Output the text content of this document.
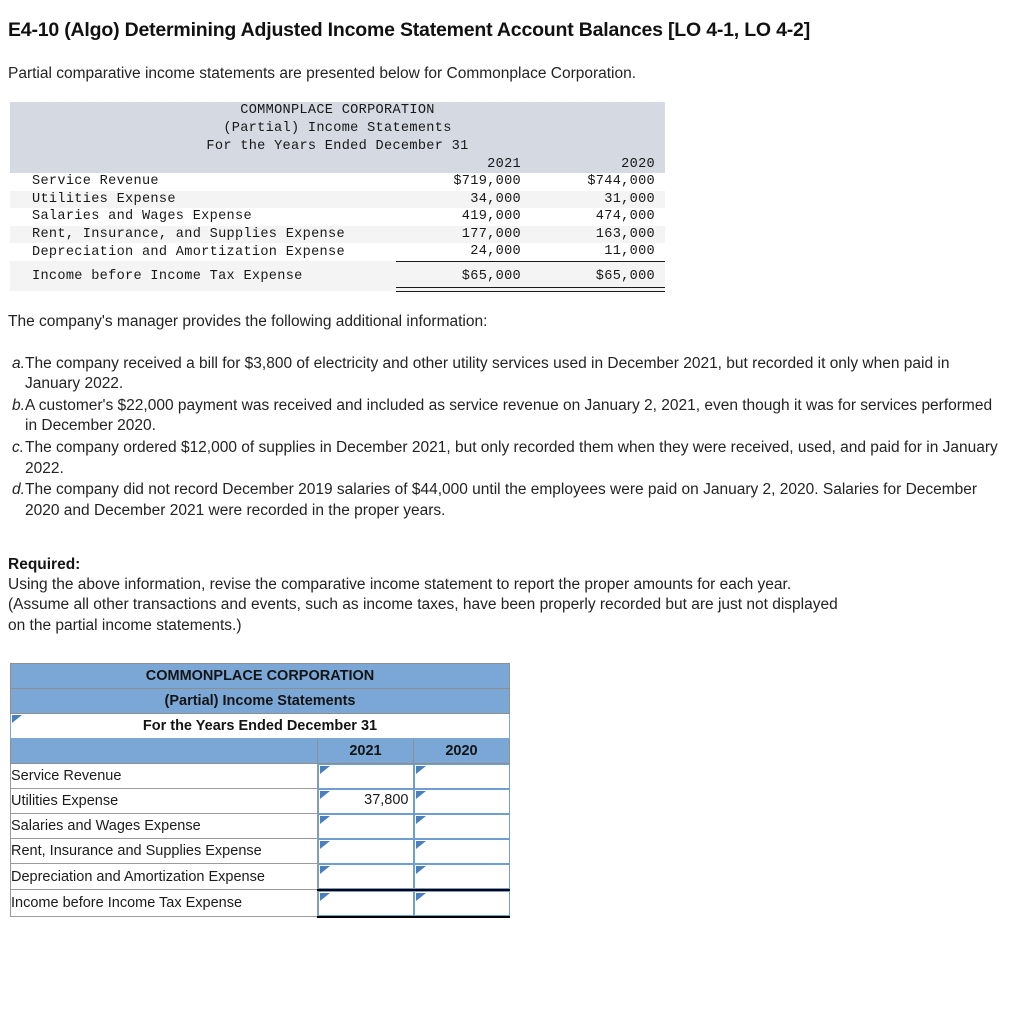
E4-10 (Algo) Determining Adjusted Income Statement Account Balances [LO 4-1, LO 4-2]

Partial comparative income statements are presented below for Commonplace Corporation.

COMMONPLACE CORPORATION		
(Partial) Income Statements		
For the Years Ended December 31		
	2021	2020
Service Revenue	$719,000	$744,000
Utilities Expense	34,000	31,000
Salaries and Wages Expense	419,000	474,000
Rent, Insurance, and Supplies Expense	177,000	163,000
Depreciation and Amortization Expense	24,000	11,000
Income before Income Tax Expense	$65,000	$65,000

The company's manager provides the following additional information:

a. The company received a bill for $3,800 of electricity and other utility services used in December 2021, but recorded it only when paid in January 2022.
b. A customer's $22,000 payment was received and included as service revenue on January 2, 2021, even though it was for services performed in December 2020.
c. The company ordered $12,000 of supplies in December 2021, but only recorded them when they were received, used, and paid for in January 2022.
d. The company did not record December 2019 salaries of $44,000 until the employees were paid on January 2, 2020. Salaries for December 2020 and December 2021 were recorded in the proper years.
Required:
Using the above information, revise the comparative income statement to report the proper amounts for each year.
(Assume all other transactions and events, such as income taxes, have been properly recorded but are just not displayed
on the partial income statements.)
COMMONPLACE CORPORATION		
(Partial) Income Statements		

For the Years Ended December 31		
	2021	2020
Service Revenue	

Utilities Expense	37,800	

Salaries and Wages Expense	

Rent, Insurance and Supplies Expense	

Depreciation and Amortization Expense	

Income before Income Tax Expense	
